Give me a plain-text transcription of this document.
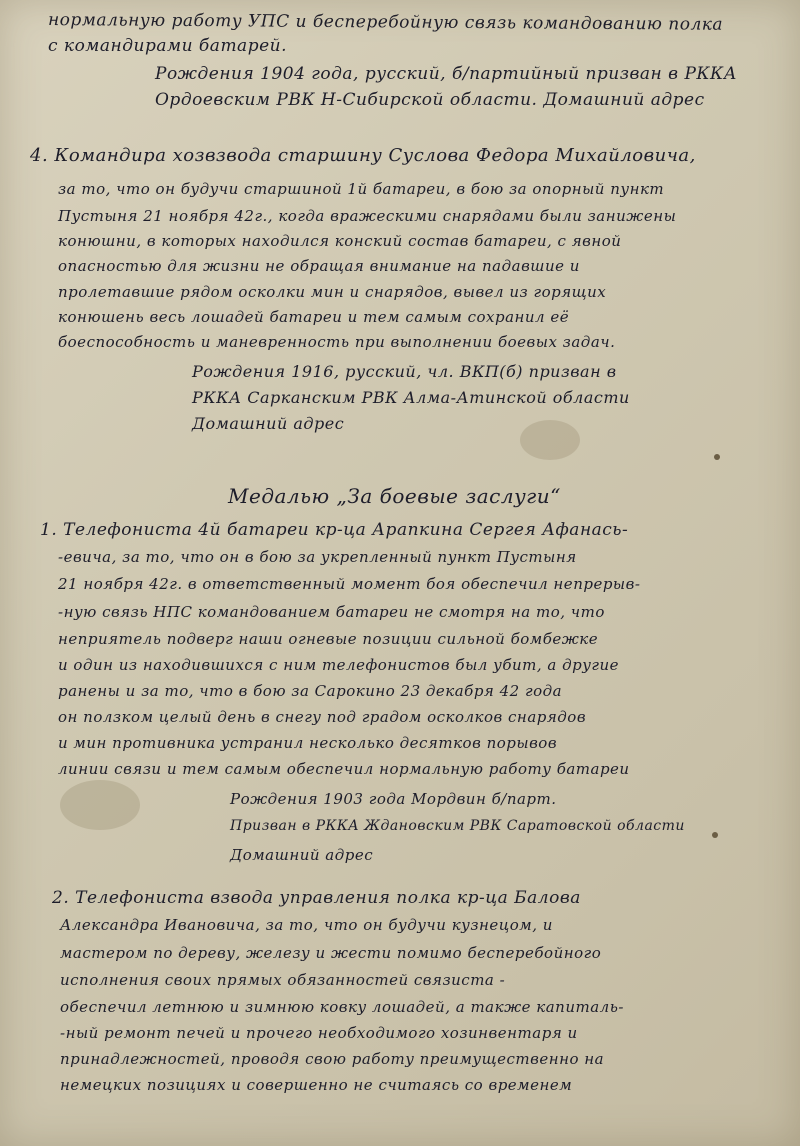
нормальную работу УПС и бесперебойную связь командованию полка
с командирами батарей.
Рождения 1904 года, русский, б/партийный призван в РККА
Ордоевским РВК Н-Сибирской области. Домашний адрес
4. Командира хозвзвода старшину Суслова Федора Михайловича,
за то, что он будучи старшиной 1й батареи, в бою за опорный пункт
Пустыня 21 ноября 42г., когда вражескими снарядами были занижены
конюшни, в которых находился конский состав батареи, с явной
опасностью для жизни не обращая внимание на падавшие и
пролетавшие рядом осколки мин и снарядов, вывел из горящих
конюшень весь лошадей батареи и тем самым сохранил её
боеспособность и маневренность при выполнении боевых задач.
Рождения 1916, русский, чл. ВКП(б) призван в
РККА Сарканским РВК Алма-Атинской области
Домашний адрес
Медалью „За боевые заслуги“
1. Телефониста 4й батареи кр-ца Арапкина Сергея Афанась-
-евича, за то, что он в бою за укрепленный пункт Пустыня
21 ноября 42г. в ответственный момент боя обеспечил непрерыв-
-ную связь НПС командованием батареи не смотря на то, что
неприятель подверг наши огневые позиции сильной бомбежке
и один из находившихся с ним телефонистов был убит, а другие
ранены и за то, что в бою за Сарокино 23 декабря 42 года
он ползком целый день в снегу под градом осколков снарядов
и мин противника устранил несколько десятков порывов
линии связи и тем самым обеспечил нормальную работу батареи
Рождения 1903 года Мордвин б/парт.
Призван в РККА Ждановским РВК Саратовской области
Домашний адрес
2. Телефониста взвода управления полка кр-ца Балова
Александра Ивановича, за то, что он будучи кузнецом, и
мастером по дереву, железу и жести помимо бесперебойного
исполнения своих прямых обязанностей связиста -
обеспечил летнюю и зимнюю ковку лошадей, а также капиталь-
-ный ремонт печей и прочего необходимого хозинвентаря и
принадлежностей, проводя свою работу преимущественно на
немецких позициях и совершенно не считаясь со временем
